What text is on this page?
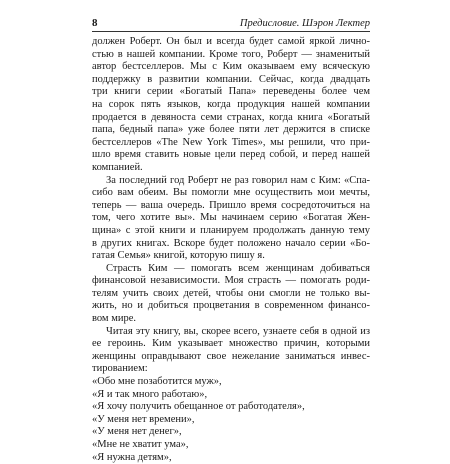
8	Предисловие. Шэрон Лектер
должен Роберт. Он был и всегда будет самой яркой личнo-
стью в нашей компании. Кроме того, Роберт — знаменитый
автор бестселлеров. Мы с Ким оказываем ему всяческую
поддержку в развитии компании. Сейчас, когда двадцать
три книги серии «Богатый Папа» переведены более чем
на сорок пять языков, когда продукция нашей компании
продается в девяноста семи странах, когда книга «Богатый
папа, бедный папа» уже более пяти лет держится в списке
бестселлеров «The New York Times», мы решили, что при-
шло время ставить новые цели перед собой, и перед нашей
компанией.
За последний год Роберт не раз говорил нам с Ким: «Спа-
сибо вам обеим. Вы помогли мне осуществить мои мечты,
теперь — ваша очередь. Пришло время сосредоточиться на
том, чего хотите вы». Мы начинаем серию «Богатая Жен-
щина» с этой книги и планируем продолжать данную тему
в других книгах. Вскоре будет положено начало серии «Бо-
гатая Семья» книгой, которую пишу я.
Страсть Ким — помогать всем женщинам добиваться
финансовой независимости. Моя страсть — помогать роди-
телям учить своих детей, чтобы они смогли не только вы-
жить, но и добиться процветания в современном финансо-
вом мире.
Читая эту книгу, вы, скорее всего, узнаете себя в одной из
ее героинь. Ким указывает множество причин, которыми
женщины оправдывают свое нежелание заниматься инвес-
тированием:
«Обо мне позаботится муж»,
«Я и так много работаю»,
«Я хочу получить обещанное от работодателя»,
«У меня нет времени»,
«У меня нет денег»,
«Мне не хватит ума»,
«Я нужна детям»,
